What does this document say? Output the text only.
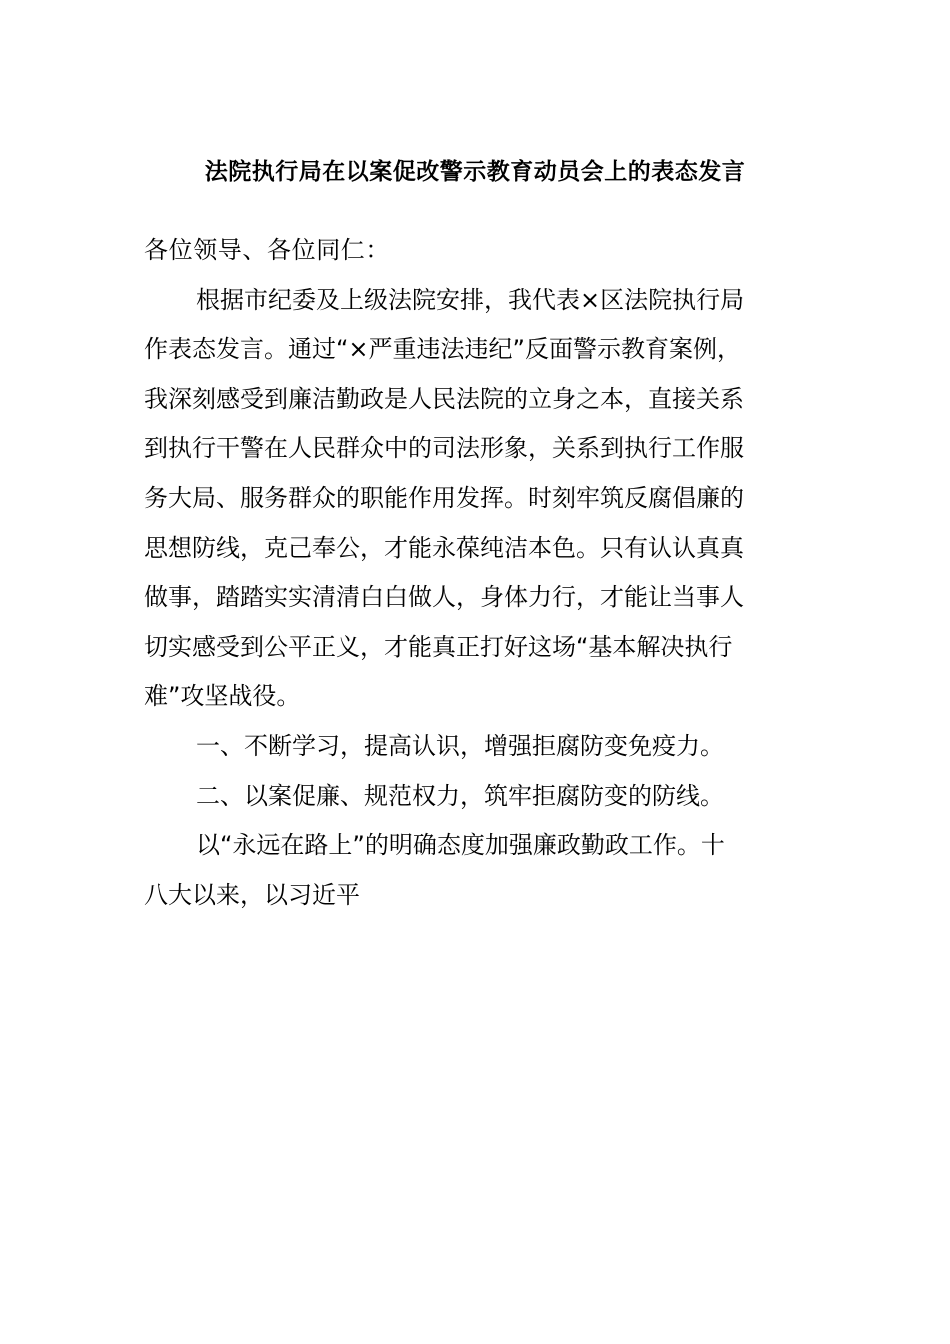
法院执行局在以案促改警示教育动员会上的表态发言
各位领导、各位同仁：
根据市纪委及上级法院安排，我代表×区法院执行局
作表态发言。通过“×严重违法违纪”反面警示教育案例，
我深刻感受到廉洁勤政是人民法院的立身之本，直接关系
到执行干警在人民群众中的司法形象，关系到执行工作服
务大局、服务群众的职能作用发挥。时刻牢筑反腐倡廉的
思想防线，克己奉公，才能永葆纯洁本色。只有认认真真
做事，踏踏实实清清白白做人，身体力行，才能让当事人
切实感受到公平正义，才能真正打好这场“基本解决执行
难”攻坚战役。
一、不断学习，提高认识，增强拒腐防变免疫力。
二、以案促廉、规范权力，筑牢拒腐防变的防线。
以“永远在路上”的明确态度加强廉政勤政工作。十
八大以来，以习近平
